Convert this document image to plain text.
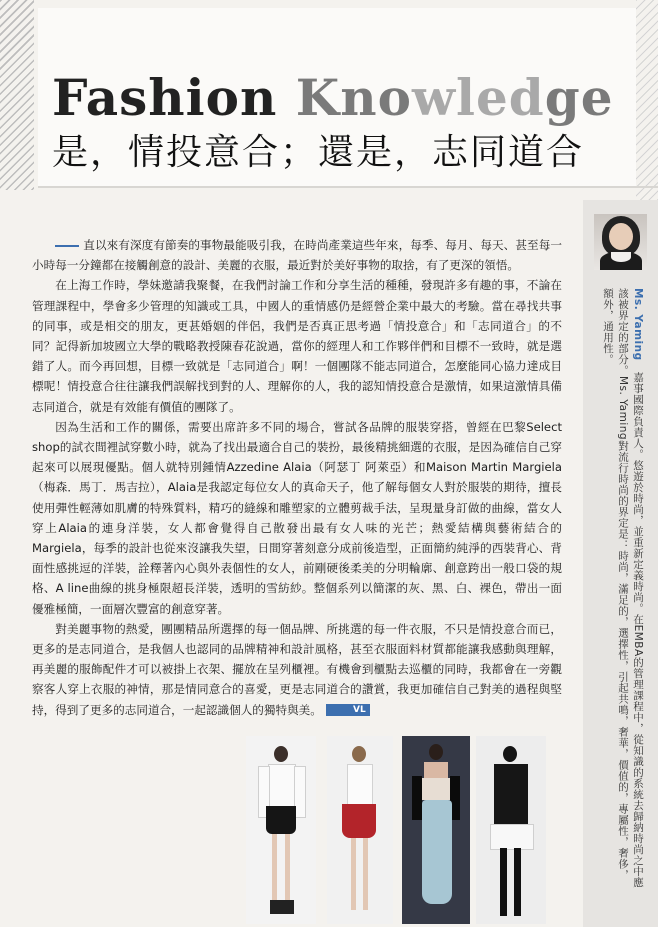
Fashion Knowledge
是，情投意合；還是，志同道合

直以來有深度有節奏的事物最能吸引我，在時尚產業這些年來，每季、每月、每天、甚至每一小時每一分鐘都在接觸創意的設計、美麗的衣服，最近對於美好事物的取捨，有了更深的領悟。

在上海工作時，學妹邀請我聚餐，在我們討論工作和分享生活的種種，發現許多有趣的事，不論在管理課程中，學會多少管理的知識或工具，中國人的重情感仍是經營企業中最大的考驗。當在尋找共事的同事，或是相交的朋友，更甚婚姻的伴侶，我們是否真正思考過「情投意合」和「志同道合」的不同？記得新加坡國立大學的戰略教授陳春花說過，當你的經理人和工作夥伴們和目標不一致時，就是選錯了人。而今再回想，目標一致就是「志同道合」啊！一個團隊不能志同道合，怎麼能同心協力達成目標呢！情投意合往往讓我們誤解找到對的人、理解你的人，我的認知情投意合是激情，如果這激情具備志同道合，就是有效能有價值的團隊了。

因為生活和工作的關係，需要出席許多不同的場合，嘗試各品牌的服裝穿搭，曾經在巴黎Select shop的試衣間裡試穿數小時，就為了找出最適合自己的裝扮，最後精挑細選的衣服，是因為確信自己穿起來可以展現優點。個人就特別鍾情Azzedine Alaia（阿瑟丁 阿萊亞）和Maison Martin Margiela（梅森．馬丁．馬吉拉），Alaia是我認定每位女人的真命天子，他了解每個女人對於服裝的期待，擅長使用彈性輕薄如肌膚的特殊質料，精巧的縫線和雕塑家的立體剪裁手法，呈現量身訂做的曲線，當女人穿上Alaia的連身洋裝，女人都會覺得自己散發出最有女人味的光芒；熱愛結構與藝術結合的Margiela，每季的設計也從來沒讓我失望，日間穿著刻意分成前後造型，正面簡約純淨的西裝背心、背面性感挑逗的洋裝，詮釋著內心與外表個性的女人，前剛硬後柔美的分明輪廓、創意跨出一般口袋的規格、A line曲線的挑身極限超長洋裝，透明的雪紡紗。整個系列以簡潔的灰、黑、白、裸色，帶出一面優雅極簡，一面層次豐富的創意穿著。

對美麗事物的熱愛，團團精品所選擇的每一個品牌、所挑選的每一件衣服，不只是情投意合而已，更多的是志同道合，是我個人也認同的品牌精神和設計風格，甚至衣服面料材質都能讓我感動與理解，再美麗的服飾配件才可以被掛上衣架、擺放在呈列櫃裡。有機會到櫃點去巡櫃的同時，我都會在一旁觀察客人穿上衣服的神情，那是情同意合的喜愛，更是志同道合的讚賞，我更加確信自己對美的過程與堅持，得到了更多的志同道合，一起認識個人的獨特與美。	VL

Ms. Yaming　嘉事國際負責人。悠遊於時尚，並重新定義時尚。在EMBA的管理課程中，從知識的系統去歸納時尚之中應該被界定的部分。Ms. Yaming對流行時尚的界定是：時尚，滿足的，選擇性，引起共鳴，奢華，價值的，專屬性，奢侈，額外，通用性。
